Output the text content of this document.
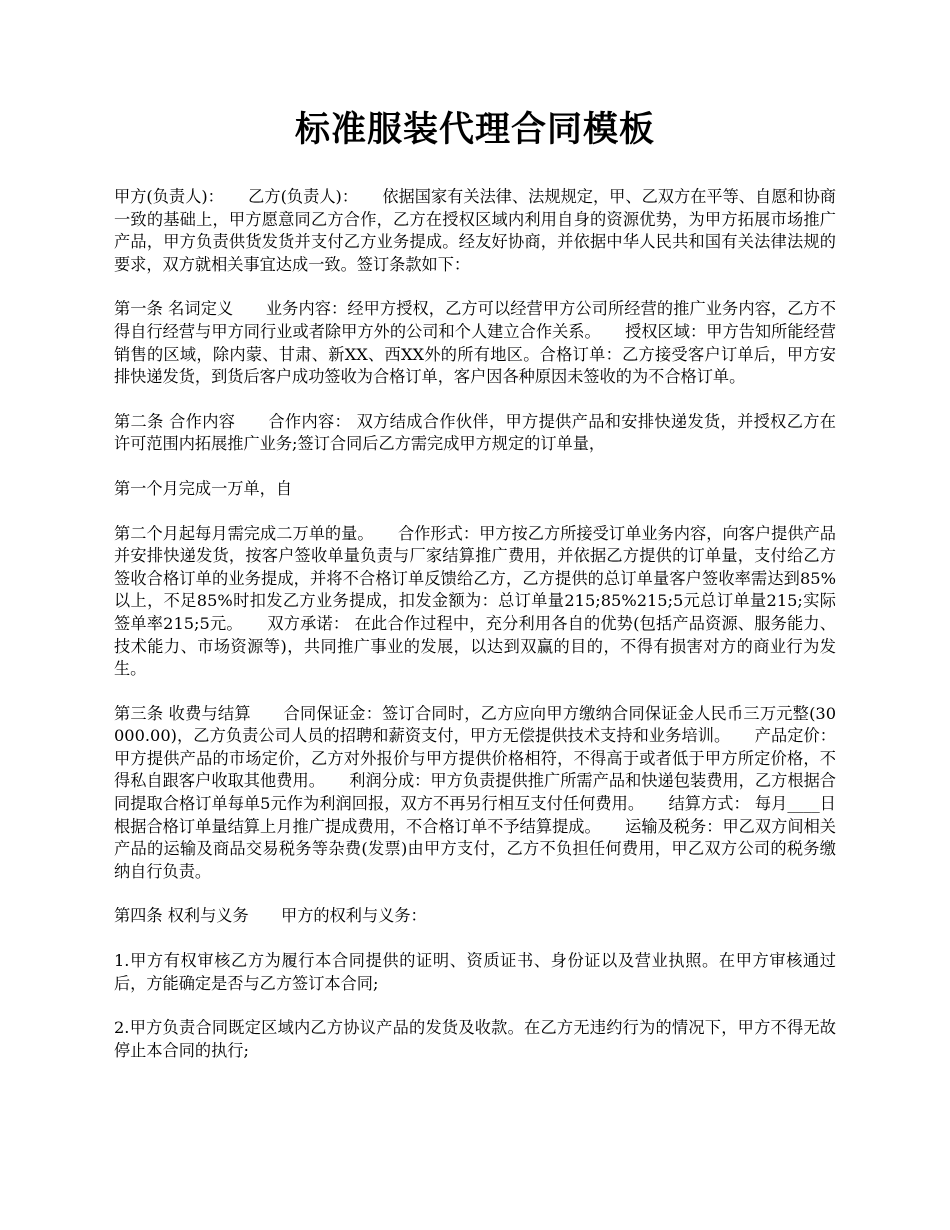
标准服装代理合同模板

甲方(负责人)：　　乙方(负责人)：　　依据国家有关法律、法规规定，甲、乙双方在平等、自愿和协商一致的基础上，甲方愿意同乙方合作，乙方在授权区域内利用自身的资源优势，为甲方拓展市场推广产品，甲方负责供货发货并支付乙方业务提成。经友好协商，并依据中华人民共和国有关法律法规的要求，双方就相关事宜达成一致。签订条款如下：

第一条 名词定义　　业务内容：经甲方授权，乙方可以经营甲方公司所经营的推广业务内容，乙方不得自行经营与甲方同行业或者除甲方外的公司和个人建立合作关系。　　授权区域：甲方告知所能经营销售的区域，除内蒙、甘肃、新XX、西XX外的所有地区。合格订单：乙方接受客户订单后，甲方安排快递发货，到货后客户成功签收为合格订单，客户因各种原因未签收的为不合格订单。

第二条 合作内容　　合作内容： 双方结成合作伙伴，甲方提供产品和安排快递发货，并授权乙方在许可范围内拓展推广业务;签订合同后乙方需完成甲方规定的订单量，

第一个月完成一万单，自

第二个月起每月需完成二万单的量。　　合作形式：甲方按乙方所接受订单业务内容，向客户提供产品并安排快递发货，按客户签收单量负责与厂家结算推广费用，并依据乙方提供的订单量，支付给乙方签收合格订单的业务提成，并将不合格订单反馈给乙方，乙方提供的总订单量客户签收率需达到85%以上，不足85%时扣发乙方业务提成，扣发金额为：总订单量215;85%215;5元总订单量215;实际签单率215;5元。　　双方承诺： 在此合作过程中，充分利用各自的优势(包括产品资源、服务能力、技术能力、市场资源等)，共同推广事业的发展，以达到双赢的目的，不得有损害对方的商业行为发生。

第三条 收费与结算　　合同保证金：签订合同时，乙方应向甲方缴纳合同保证金人民币三万元整(30000.00)，乙方负责公司人员的招聘和薪资支付，甲方无偿提供技术支持和业务培训。　　产品定价：甲方提供产品的市场定价，乙方对外报价与甲方提供价格相符，不得高于或者低于甲方所定价格，不得私自跟客户收取其他费用。　　利润分成：甲方负责提供推广所需产品和快递包装费用，乙方根据合同提取合格订单每单5元作为利润回报，双方不再另行相互支付任何费用。　　结算方式： 每月____日根据合格订单量结算上月推广提成费用，不合格订单不予结算提成。　　运输及税务：甲乙双方间相关产品的运输及商品交易税务等杂费(发票)由甲方支付，乙方不负担任何费用，甲乙双方公司的税务缴纳自行负责。

第四条 权利与义务　　甲方的权利与义务：

1.甲方有权审核乙方为履行本合同提供的证明、资质证书、身份证以及营业执照。在甲方审核通过后，方能确定是否与乙方签订本合同;

2.甲方负责合同既定区域内乙方协议产品的发货及收款。在乙方无违约行为的情况下，甲方不得无故停止本合同的执行;
